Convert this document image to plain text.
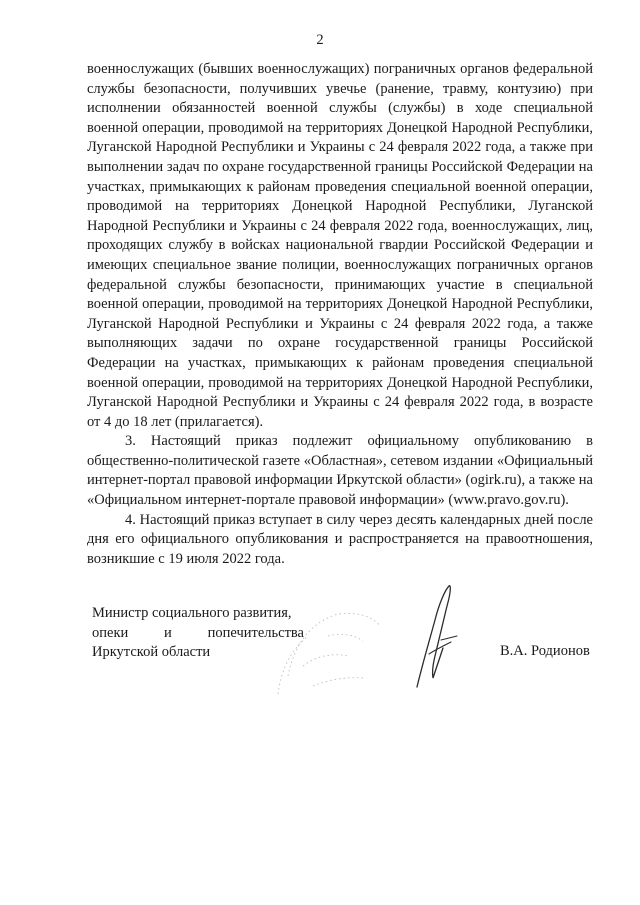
2

военнослужащих (бывших военнослужащих) пограничных органов федеральной службы безопасности, получивших увечье (ранение, травму, контузию) при исполнении обязанностей военной службы (службы) в ходе специальной военной операции, проводимой на территориях Донецкой Народной Республики, Луганской Народной Республики и Украины с 24 февраля 2022 года, а также при выполнении задач по охране государственной границы Российской Федерации на участках, примыкающих к районам проведения специальной военной операции, проводимой на территориях Донецкой Народной Республики, Луганской Народной Республики и Украины с 24 февраля 2022 года, военнослужащих, лиц, проходящих службу в войсках национальной гвардии Российской Федерации и имеющих специальное звание полиции, военнослужащих пограничных органов федеральной службы безопасности, принимающих участие в специальной военной операции, проводимой на территориях Донецкой Народной Республики, Луганской Народной Республики и Украины с 24 февраля 2022 года, а также выполняющих задачи по охране государственной границы Российской Федерации на участках, примыкающих к районам проведения специальной военной операции, проводимой на территориях Донецкой Народной Республики, Луганской Народной Республики и Украины с 24 февраля 2022 года, в возрасте от 4 до 18 лет (прилагается).

3. Настоящий приказ подлежит официальному опубликованию в общественно-политической газете «Областная», сетевом издании «Официальный интернет-портал правовой информации Иркутской области» (ogirk.ru), а также на «Официальном интернет-портале правовой информации» (www.pravo.gov.ru).

4. Настоящий приказ вступает в силу через десять календарных дней после дня его официального опубликования и распространяется на правоотношения, возникшие с 19 июля 2022 года.

Министр социального развития,
опеки и попечительства
Иркутской области	В.А. Родионов
